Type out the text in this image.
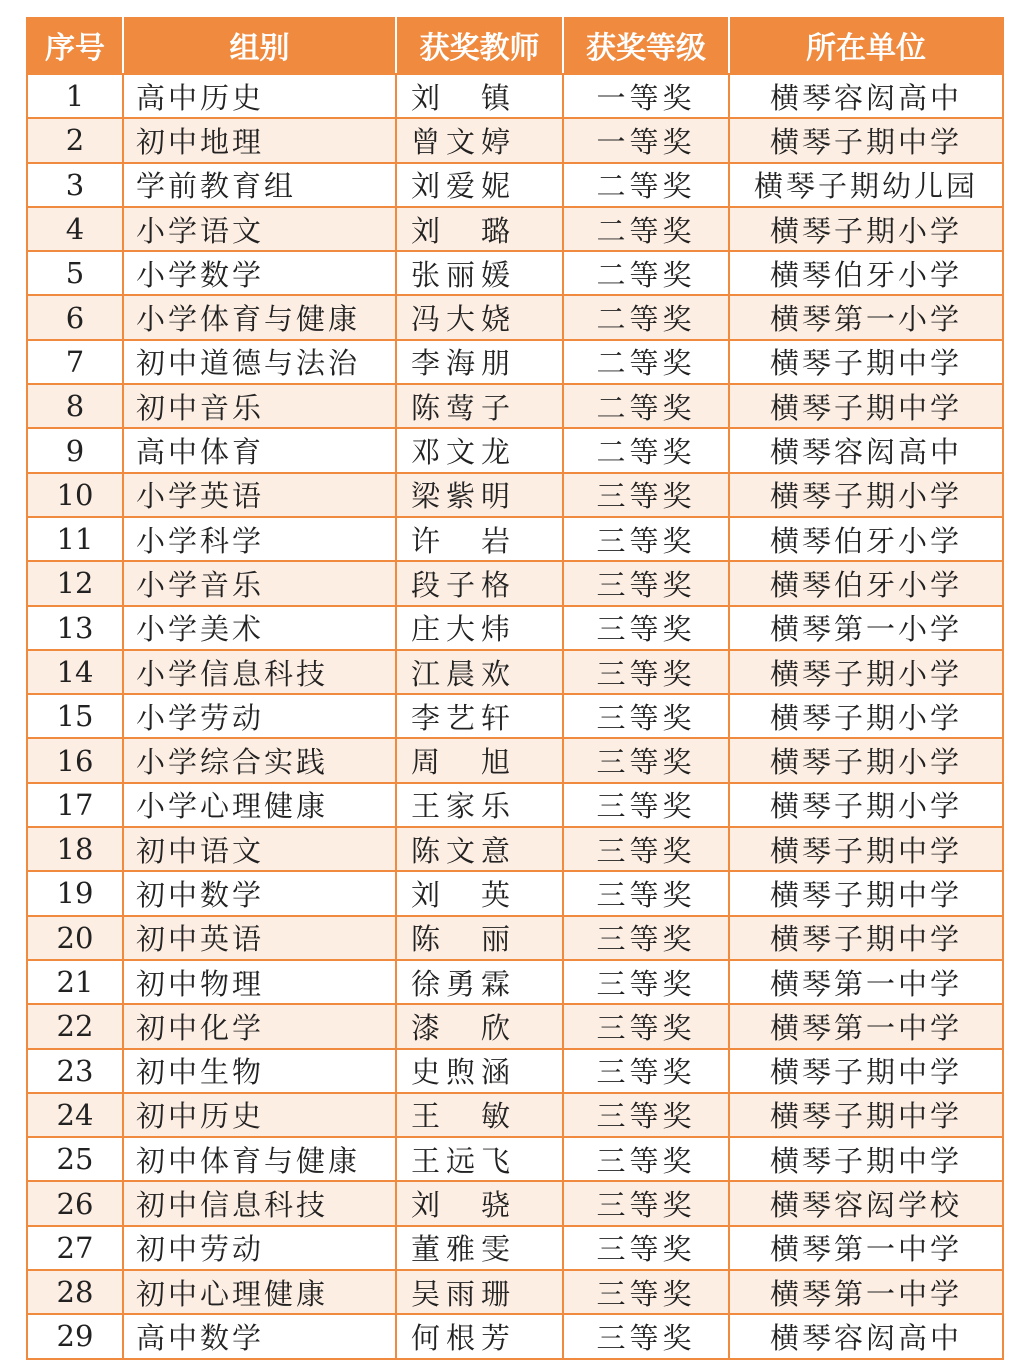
序号	组别	获奖教师	获奖等级	所在单位
1	高中历史	刘　镇	一等奖	横琴容闳高中
2	初中地理	曾文婷	一等奖	横琴子期中学
3	学前教育组	刘爱妮	二等奖	横琴子期幼儿园
4	小学语文	刘　璐	二等奖	横琴子期小学
5	小学数学	张丽媛	二等奖	横琴伯牙小学
6	小学体育与健康	冯大娆	二等奖	横琴第一小学
7	初中道德与法治	李海朋	二等奖	横琴子期中学
8	初中音乐	陈莺子	二等奖	横琴子期中学
9	高中体育	邓文龙	二等奖	横琴容闳高中
10	小学英语	梁紫明	三等奖	横琴子期小学
11	小学科学	许　岩	三等奖	横琴伯牙小学
12	小学音乐	段子格	三等奖	横琴伯牙小学
13	小学美术	庄大炜	三等奖	横琴第一小学
14	小学信息科技	江晨欢	三等奖	横琴子期小学
15	小学劳动	李艺轩	三等奖	横琴子期小学
16	小学综合实践	周　旭	三等奖	横琴子期小学
17	小学心理健康	王家乐	三等奖	横琴子期小学
18	初中语文	陈文意	三等奖	横琴子期中学
19	初中数学	刘　英	三等奖	横琴子期中学
20	初中英语	陈　丽	三等奖	横琴子期中学
21	初中物理	徐勇霖	三等奖	横琴第一中学
22	初中化学	漆　欣	三等奖	横琴第一中学
23	初中生物	史煦涵	三等奖	横琴子期中学
24	初中历史	王　敏	三等奖	横琴子期中学
25	初中体育与健康	王远飞	三等奖	横琴子期中学
26	初中信息科技	刘　骁	三等奖	横琴容闳学校
27	初中劳动	董雅雯	三等奖	横琴第一中学
28	初中心理健康	吴雨珊	三等奖	横琴第一中学
29	高中数学	何根芳	三等奖	横琴容闳高中
